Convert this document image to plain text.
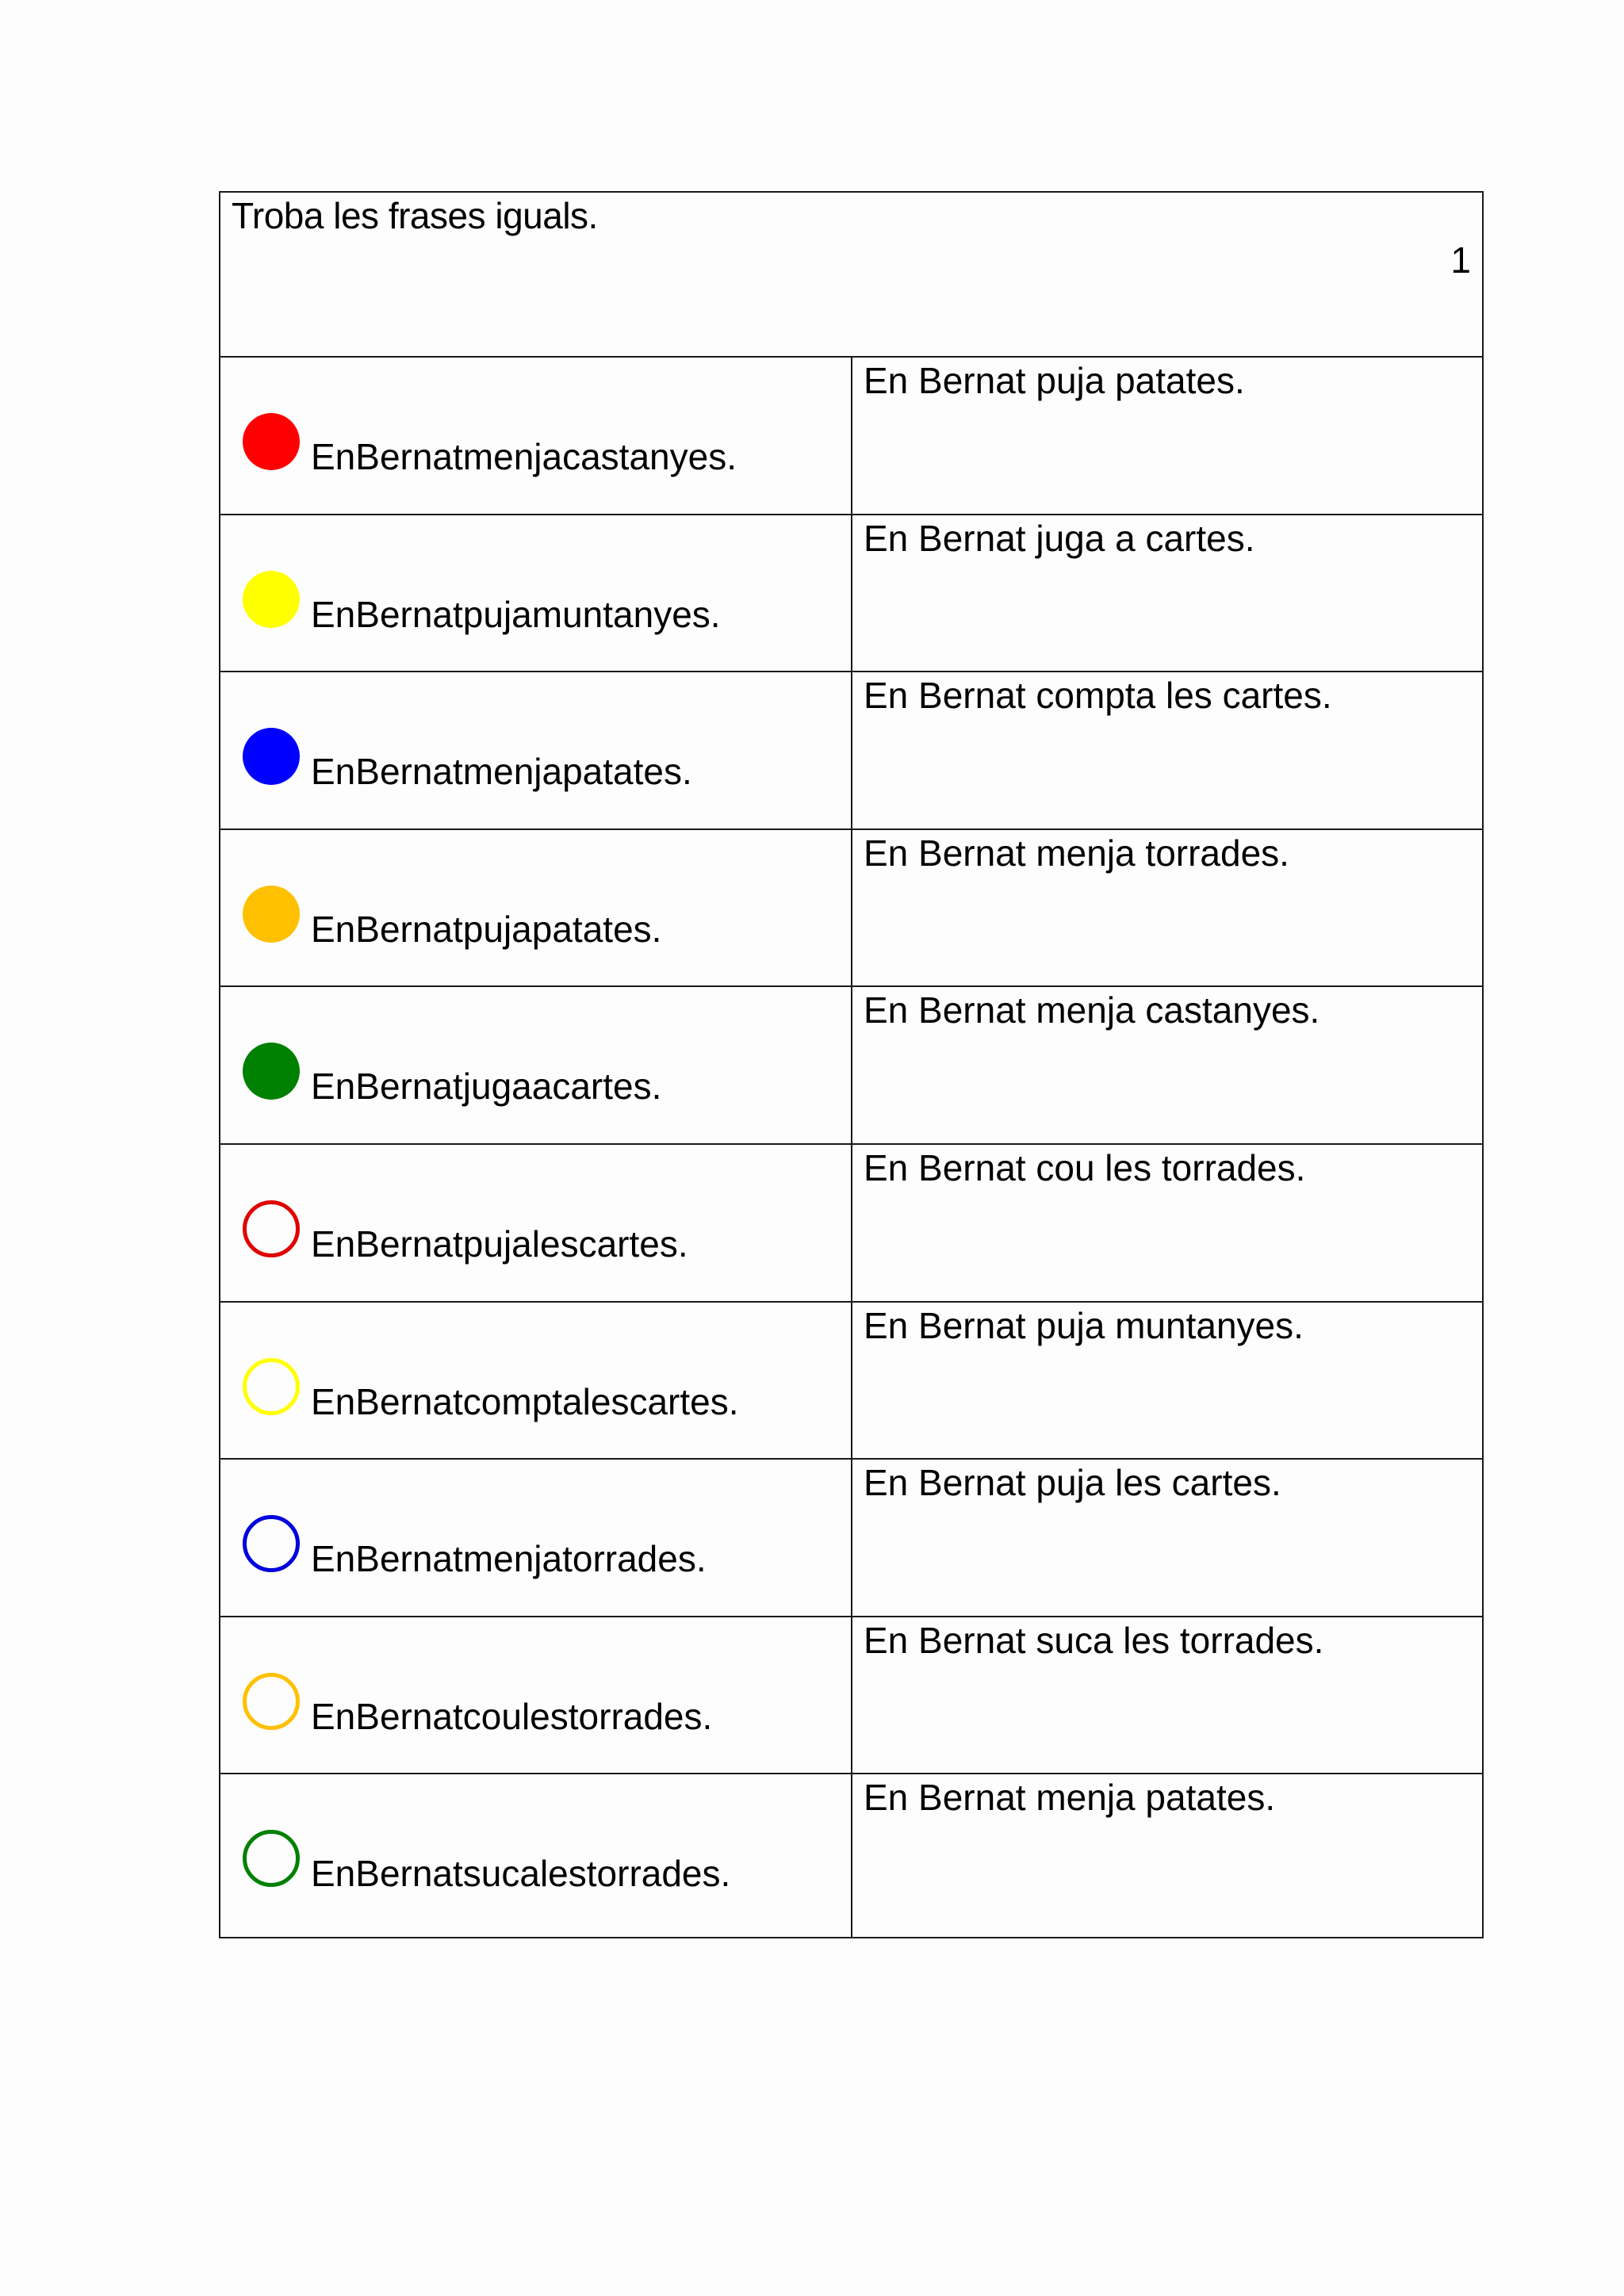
Troba les frases iguals.
1
EnBernatmenjacastanyes.
En Bernat puja patates.
EnBernatpujamuntanyes.
En Bernat juga a cartes.
EnBernatmenjapatates.
En Bernat compta les cartes.
EnBernatpujapatates.
En Bernat menja torrades.
EnBernatjugaacartes.
En Bernat menja castanyes.
EnBernatpujalescartes.
En Bernat cou les torrades.
EnBernatcomptalescartes.
En Bernat puja muntanyes.
EnBernatmenjatorrades.
En Bernat puja les cartes.
EnBernatcoulestorrades.
En Bernat suca les torrades.
EnBernatsucalestorrades.
En Bernat menja patates.
